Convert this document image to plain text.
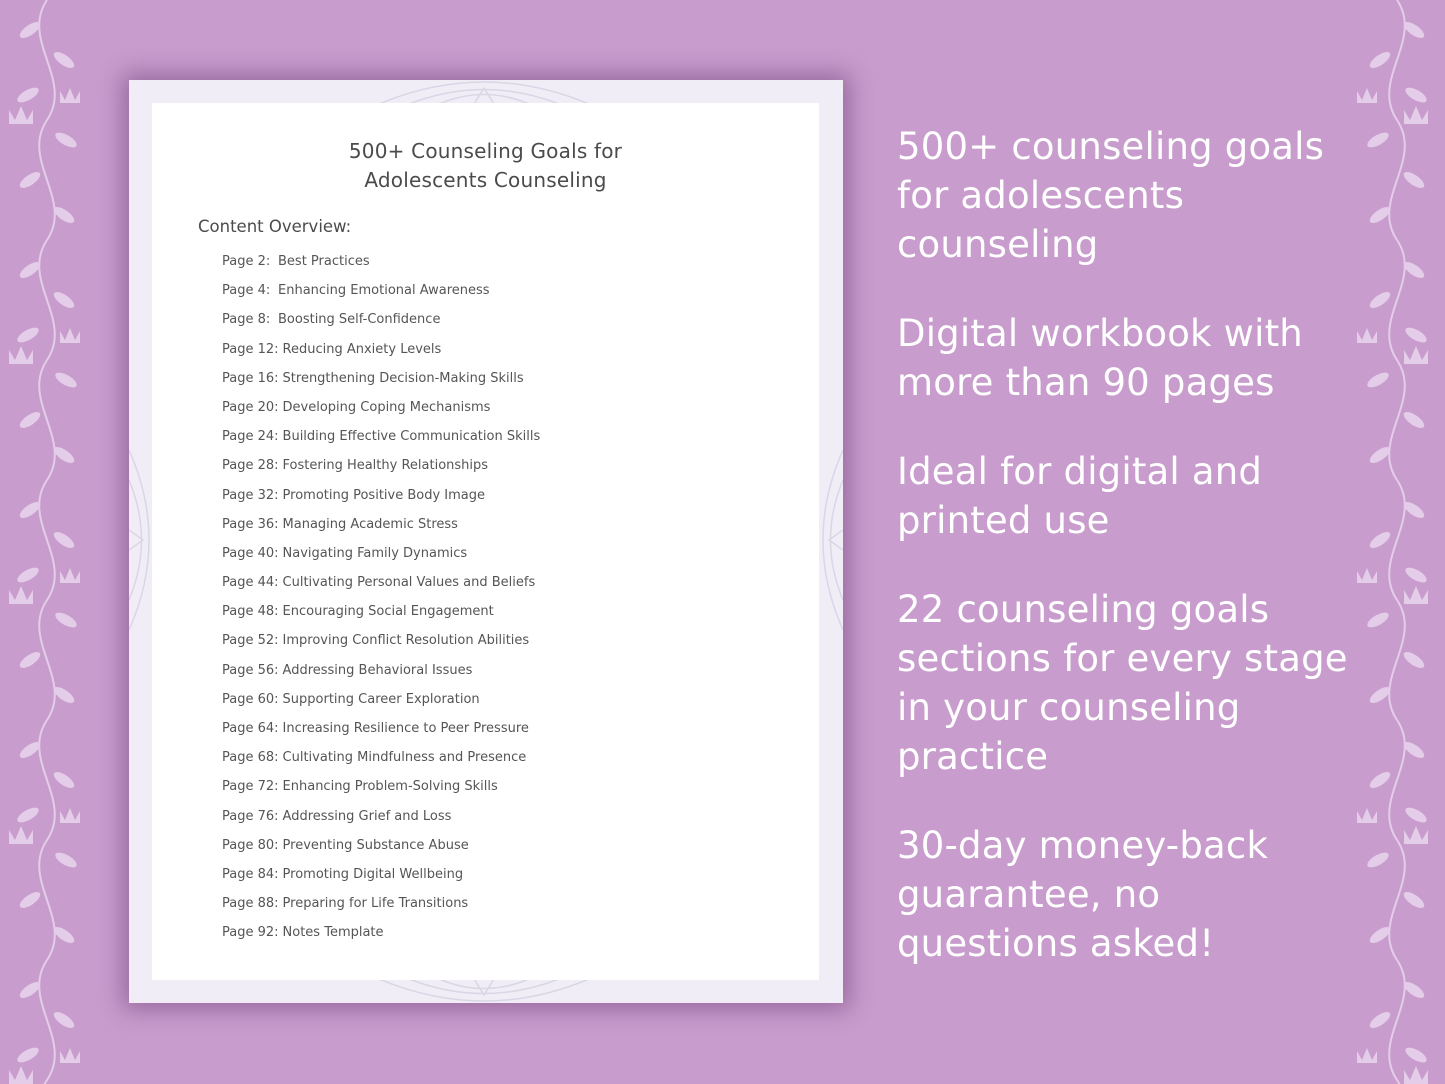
500+ Counseling Goals for
Adolescents Counseling
Content Overview:
Page 2: Best Practices
Page 4: Enhancing Emotional Awareness
Page 8: Boosting Self-Confidence
Page 12: Reducing Anxiety Levels
Page 16: Strengthening Decision-Making Skills
Page 20: Developing Coping Mechanisms
Page 24: Building Effective Communication Skills
Page 28: Fostering Healthy Relationships
Page 32: Promoting Positive Body Image
Page 36: Managing Academic Stress
Page 40: Navigating Family Dynamics
Page 44: Cultivating Personal Values and Beliefs
Page 48: Encouraging Social Engagement
Page 52: Improving Conflict Resolution Abilities
Page 56: Addressing Behavioral Issues
Page 60: Supporting Career Exploration
Page 64: Increasing Resilience to Peer Pressure
Page 68: Cultivating Mindfulness and Presence
Page 72: Enhancing Problem-Solving Skills
Page 76: Addressing Grief and Loss
Page 80: Preventing Substance Abuse
Page 84: Promoting Digital Wellbeing
Page 88: Preparing for Life Transitions
Page 92: Notes Template
500+ counseling goals
for adolescents
counseling
Digital workbook with
more than 90 pages
Ideal for digital and
printed use
22 counseling goals
sections for every stage
in your counseling
practice
30-day money-back
guarantee, no
questions asked!
